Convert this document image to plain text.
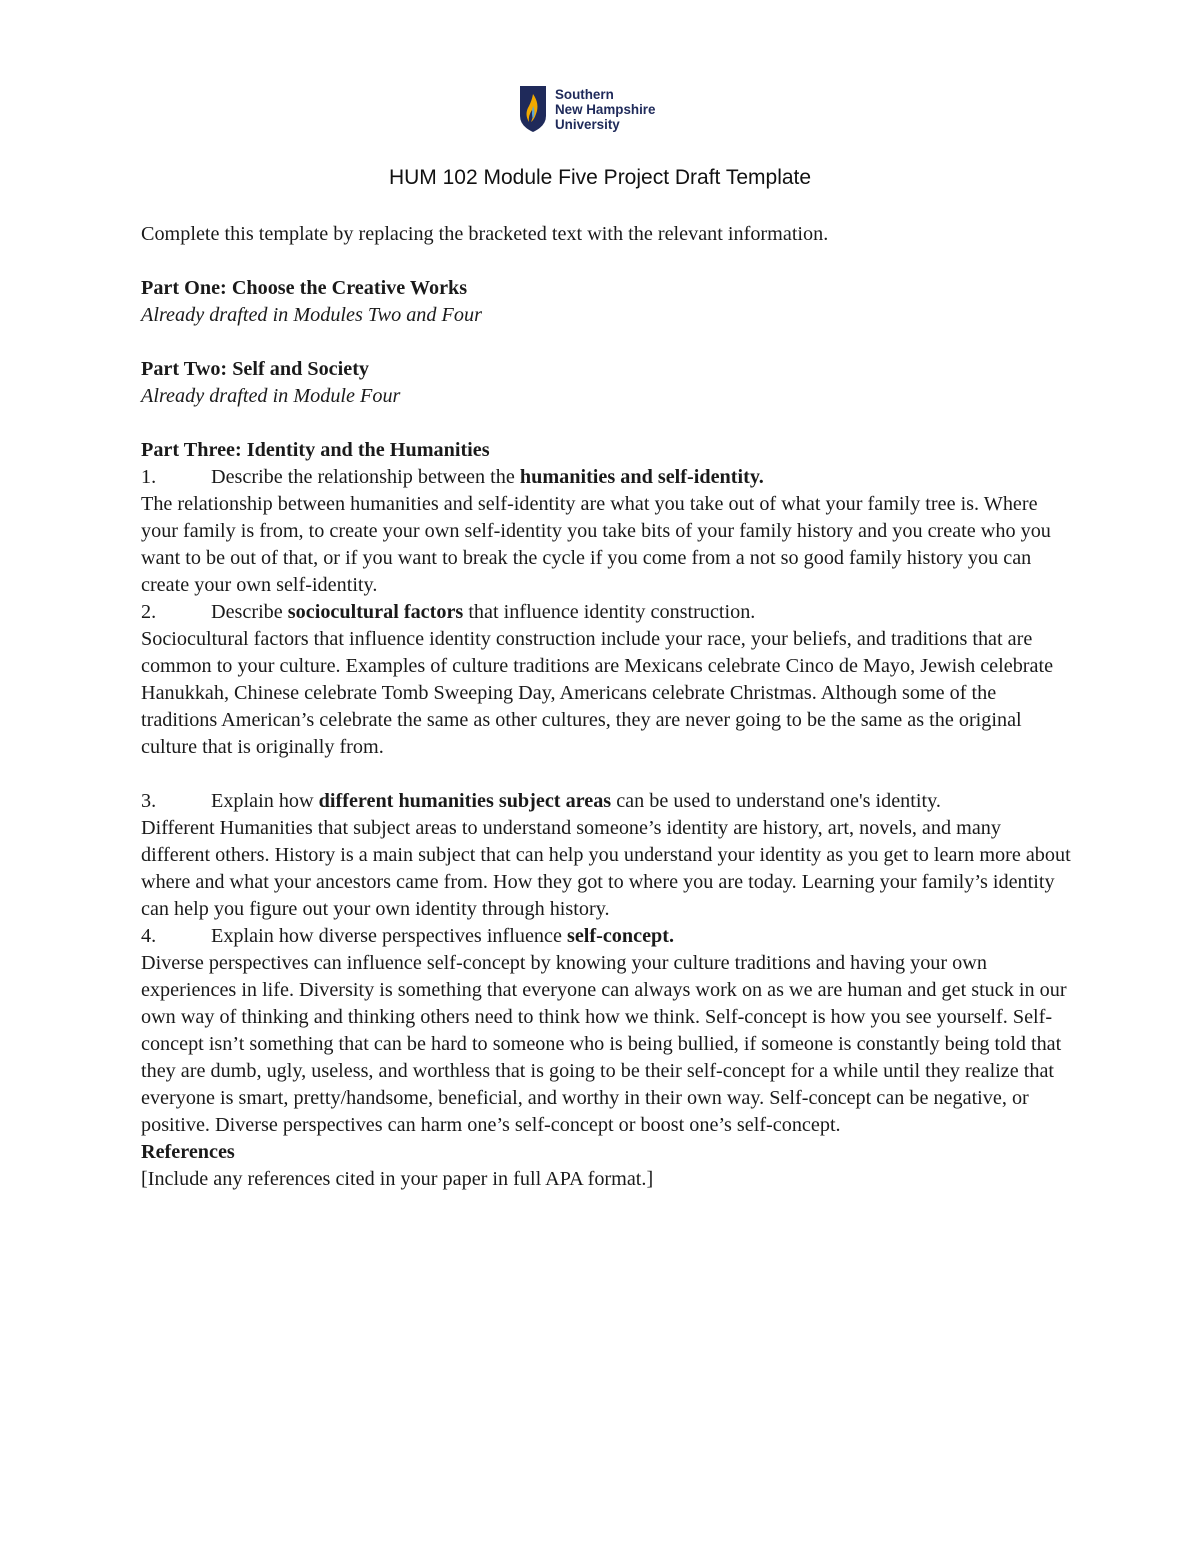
Southern
New Hampshire
University
HUM 102 Module Five Project Draft Template

Complete this template by replacing the bracketed text with the relevant information.

Part One: Choose the Creative Works

Already drafted in Modules Two and Four

Part Two: Self and Society

Already drafted in Module Four

Part Three: Identity and the Humanities

1.	Describe the relationship between the humanities and self-identity.

The relationship between humanities and self-identity are what you take out of what your family tree is. Where your family is from, to create your own self-identity you take bits of your family history and you create who you want to be out of that, or if you want to break the cycle if you come from a not so good family history you can create your own self-identity.

2.	Describe sociocultural factors that influence identity construction.

Sociocultural factors that influence identity construction include your race, your beliefs, and traditions that are common to your culture. Examples of culture traditions are Mexicans celebrate Cinco de Mayo, Jewish celebrate Hanukkah, Chinese celebrate Tomb Sweeping Day, Americans celebrate Christmas. Although some of the traditions American’s celebrate the same as other cultures, they are never going to be the same as the original culture that is originally from.

3.	Explain how different humanities subject areas can be used to understand one's identity.

Different Humanities that subject areas to understand someone’s identity are history, art, novels, and many different others. History is a main subject that can help you understand your identity as you get to learn more about where and what your ancestors came from. How they got to where you are today. Learning your family’s identity can help you figure out your own identity through history.

4.	Explain how diverse perspectives influence self-concept.

Diverse perspectives can influence self-concept by knowing your culture traditions and having your own experiences in life. Diversity is something that everyone can always work on as we are human and get stuck in our own way of thinking and thinking others need to think how we think. Self-concept is how you see yourself. Self-concept isn’t something that can be hard to someone who is being bullied, if someone is constantly being told that they are dumb, ugly, useless, and worthless that is going to be their self-concept for a while until they realize that everyone is smart, pretty/handsome, beneficial, and worthy in their own way. Self-concept can be negative, or positive. Diverse perspectives can harm one’s self-concept or boost one’s self-concept.

References

[Include any references cited in your paper in full APA format.]
